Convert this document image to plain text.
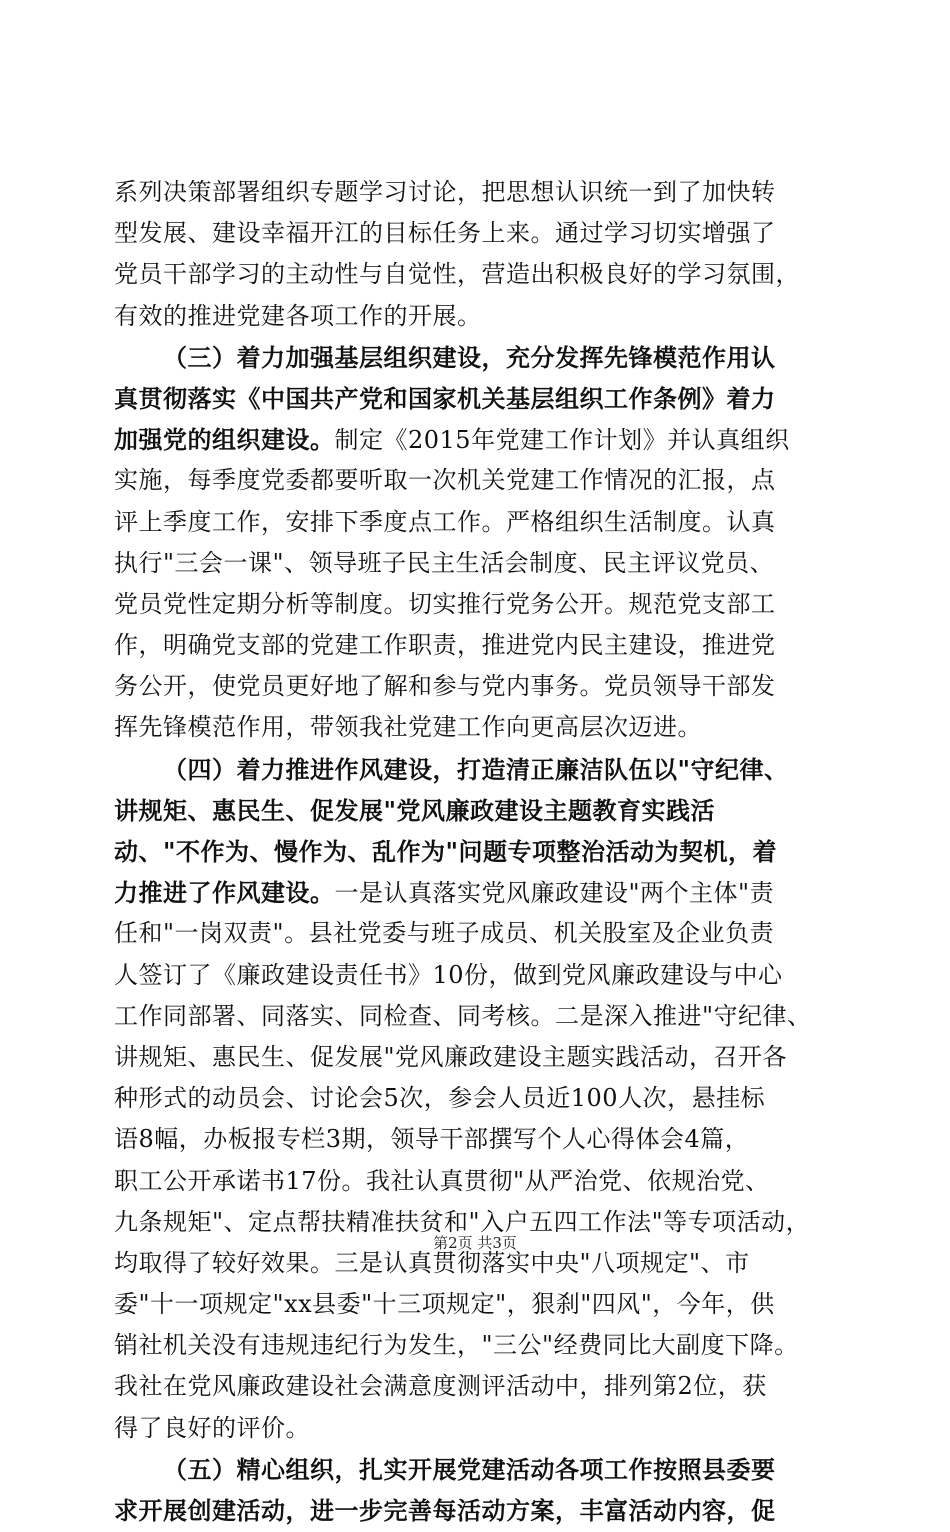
系列决策部署组织专题学习讨论，把思想认识统一到了加快转
型发展、建设幸福开江的目标任务上来。通过学习切实增强了
党员干部学习的主动性与自觉性，营造出积极良好的学习氛围，
有效的推进党建各项工作的开展。
（三）着力加强基层组织建设，充分发挥先锋模范作用认
真贯彻落实《中国共产党和国家机关基层组织工作条例》着力
加强党的组织建设。制定《2015年党建工作计划》并认真组织
实施，每季度党委都要听取一次机关党建工作情况的汇报，点
评上季度工作，安排下季度点工作。严格组织生活制度。认真
执行"三会一课"、领导班子民主生活会制度、民主评议党员、
党员党性定期分析等制度。切实推行党务公开。规范党支部工
作，明确党支部的党建工作职责，推进党内民主建设，推进党
务公开，使党员更好地了解和参与党内事务。党员领导干部发
挥先锋模范作用，带领我社党建工作向更高层次迈进。
（四）着力推进作风建设，打造清正廉洁队伍以"守纪律、
讲规矩、惠民生、促发展"党风廉政建设主题教育实践活
动、"不作为、慢作为、乱作为"问题专项整治活动为契机，着
力推进了作风建设。一是认真落实党风廉政建设"两个主体"责
任和"一岗双责"。县社党委与班子成员、机关股室及企业负责
人签订了《廉政建设责任书》10份，做到党风廉政建设与中心
工作同部署、同落实、同检查、同考核。二是深入推进"守纪律、
讲规矩、惠民生、促发展"党风廉政建设主题实践活动，召开各
种形式的动员会、讨论会5次，参会人员近100人次，悬挂标
语8幅，办板报专栏3期，领导干部撰写个人心得体会4篇，
职工公开承诺书17份。我社认真贯彻"从严治党、依规治党、
九条规矩"、定点帮扶精准扶贫和"入户五四工作法"等专项活动，
均取得了较好效果。三是认真贯彻落实中央"八项规定"、市
委"十一项规定"xx县委"十三项规定"，狠刹"四风"，今年，供
销社机关没有违规违纪行为发生，"三公"经费同比大副度下降。
我社在党风廉政建设社会满意度测评活动中，排列第2位，获
得了良好的评价。
（五）精心组织，扎实开展党建活动各项工作按照县委要
求开展创建活动，进一步完善每活动方案，丰富活动内容，促
第2页 共3页
